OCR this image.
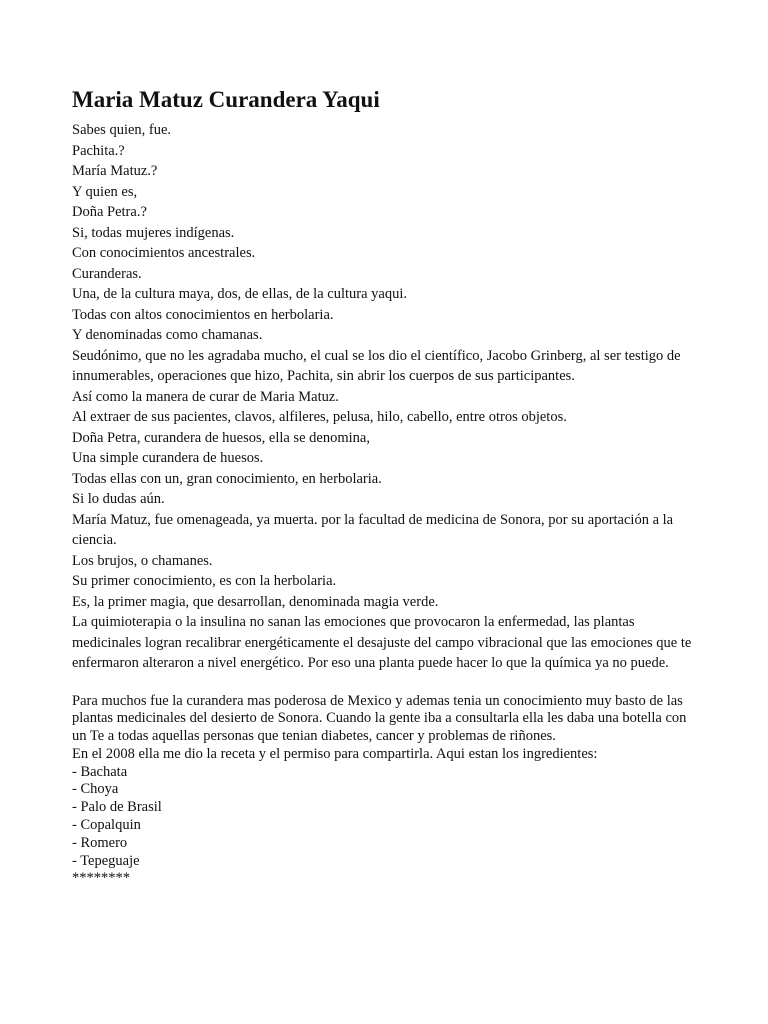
Maria Matuz Curandera Yaqui
Sabes quien, fue.
Pachita.?
María Matuz.?
Y quien es,
Doña Petra.?
Si, todas mujeres indígenas.
Con conocimientos ancestrales.
Curanderas.
Una, de la cultura maya, dos, de ellas, de la cultura yaqui.
Todas con altos conocimientos en herbolaria.
Y denominadas como chamanas.
Seudónimo, que no les agradaba mucho, el cual se los dio el científico, Jacobo Grinberg, al ser testigo de innumerables, operaciones que hizo, Pachita, sin abrir los cuerpos de sus participantes.
Así como la manera de curar de Maria Matuz.
Al extraer de sus pacientes, clavos, alfileres, pelusa, hilo, cabello, entre otros objetos.
Doña Petra, curandera de huesos, ella se denomina,
Una simple curandera de huesos.
Todas ellas con un, gran conocimiento, en herbolaria.
Si lo dudas aún.
María Matuz, fue omenageada, ya muerta. por la facultad de medicina de Sonora, por su aportación a la ciencia.
Los brujos, o chamanes.
Su primer conocimiento, es con la herbolaria.
Es, la primer magia, que desarrollan, denominada magia verde.
La quimioterapia o la insulina no sanan las emociones que provocaron la enfermedad, las plantas medicinales logran recalibrar energéticamente el desajuste del campo vibracional que las emociones que te enfermaron alteraron a nivel energético. Por eso una planta puede hacer lo que la química ya no puede.
Para muchos fue la curandera mas poderosa de Mexico y ademas tenia un conocimiento muy basto de las plantas medicinales del desierto de Sonora. Cuando la gente iba a consultarla ella les daba una botella con un Te a todas aquellas personas que tenian diabetes, cancer y problemas de riñones.
En el 2008 ella me dio la receta y el permiso para compartirla. Aqui estan los ingredientes:
- Bachata
- Choya
- Palo de Brasil
- Copalquin
- Romero
- Tepeguaje
********
